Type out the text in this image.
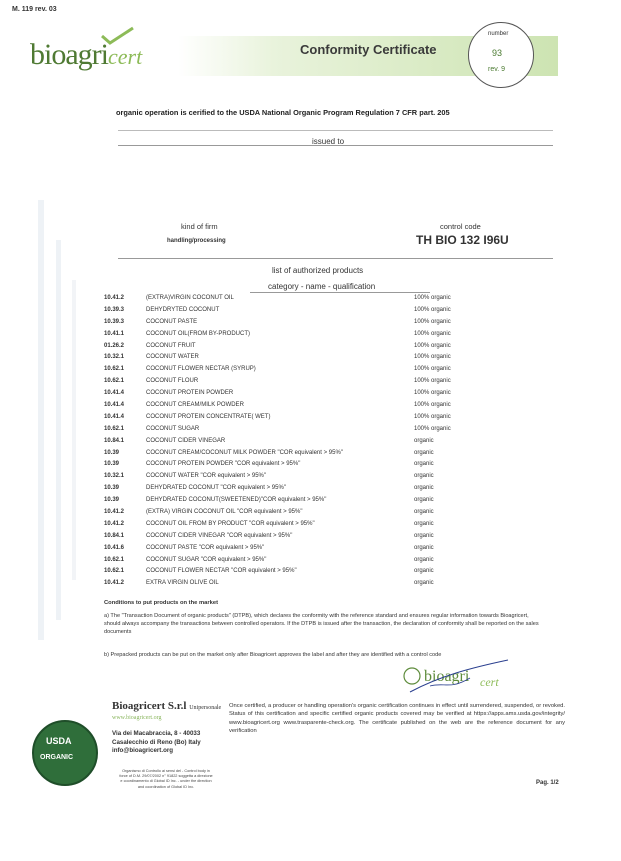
M. 119 rev. 03
bioagricert	Conformity Certificate
number
93
rev. 9
organic operation is cerified to the USDA National Organic Program Regulation 7 CFR part. 205
issued to
kind of firm
handling/processing
control code
TH BIO 132 I96U
list of authorized products
category - name - qualification
10.41.2	(EXTRA)VIRGIN COCONUT OIL	100% organic
10.39.3	DEHYDRYTED COCONUT	100% organic
10.39.3	COCONUT PASTE	100% organic
10.41.1	COCONUT OIL(FROM BY-PRODUCT)	100% organic
01.26.2	COCONUT FRUIT	100% organic
10.32.1	COCONUT WATER	100% organic
10.62.1	COCONUT FLOWER NECTAR (SYRUP)	100% organic
10.62.1	COCONUT FLOUR	100% organic
10.41.4	COCONUT PROTEIN POWDER	100% organic
10.41.4	COCONUT CREAM/MILK POWDER	100% organic
10.41.4	COCONUT PROTEIN CONCENTRATE( WET)	100% organic
10.62.1	COCONUT SUGAR	100% organic
10.84.1	COCONUT CIDER VINEGAR	organic
10.39	COCONUT CREAM/COCONUT MILK POWDER "COR equivalent > 95%"	organic
10.39	COCONUT PROTEIN POWDER "COR equivalent > 95%"	organic
10.32.1	COCONUT WATER "COR equivalent > 95%"	organic
10.39	DEHYDRATED COCONUT "COR equivalent > 95%"	organic
10.39	DEHYDRATED COCONUT(SWEETENED)"COR equivalent > 95%"	organic
10.41.2	(EXTRA) VIRGIN COCONUT OIL "COR equivalent > 95%"	organic
10.41.2	COCONUT OIL FROM BY PRODUCT "COR equivalent > 95%"	organic
10.84.1	COCONUT CIDER VINEGAR "COR equivalent > 95%"	organic
10.41.6	COCONUT PASTE "COR equivalent > 95%"	organic
10.62.1	COCONUT SUGAR "COR equivalent > 95%"	organic
10.62.1	COCONUT FLOWER NECTAR "COR equivalent > 95%"	organic
10.41.2	EXTRA VIRGIN OLIVE OIL	organic
Conditions to put products on the market
a) The "Transaction Document of organic products" (DTPB), which declares the conformity with the reference standard and ensures regular information towards Bioagricert, should always accompany the transactions between controlled operators. If the DTPB is issued after the transaction, the declaration of conformity shall be reported on the sales documents
b) Prepacked products can be put on the market only after Bioagricert approves the label and after they are identified with a control code
bioagri cert
USDA
ORGANIC
Bioagricert S.r.l Unipersonale
www.bioagricert.org
Via dei Macabraccia, 8 - 40033
Casalecchio di Reno (Bo) Italy
info@bioagricert.org
Organismo di Controllo ai sensi del - Control body in force of D.M. 29/07/2002 n° 91822 soggetta a direzione e coordinamento di Global ID Inc. - under the direction and coordination of Global ID Inc.
Once certified, a producer or handling operation's organic certification continues in effect until surrendered, suspended, or revoked. Status of this certification and specific certified organic products covered may be verified at https://apps.ams.usda.gov/integrity/ www.bioagricert.org www.trasparente-check.org. The certificate published on the web are the reference document for any verification
Pag. 1/2
